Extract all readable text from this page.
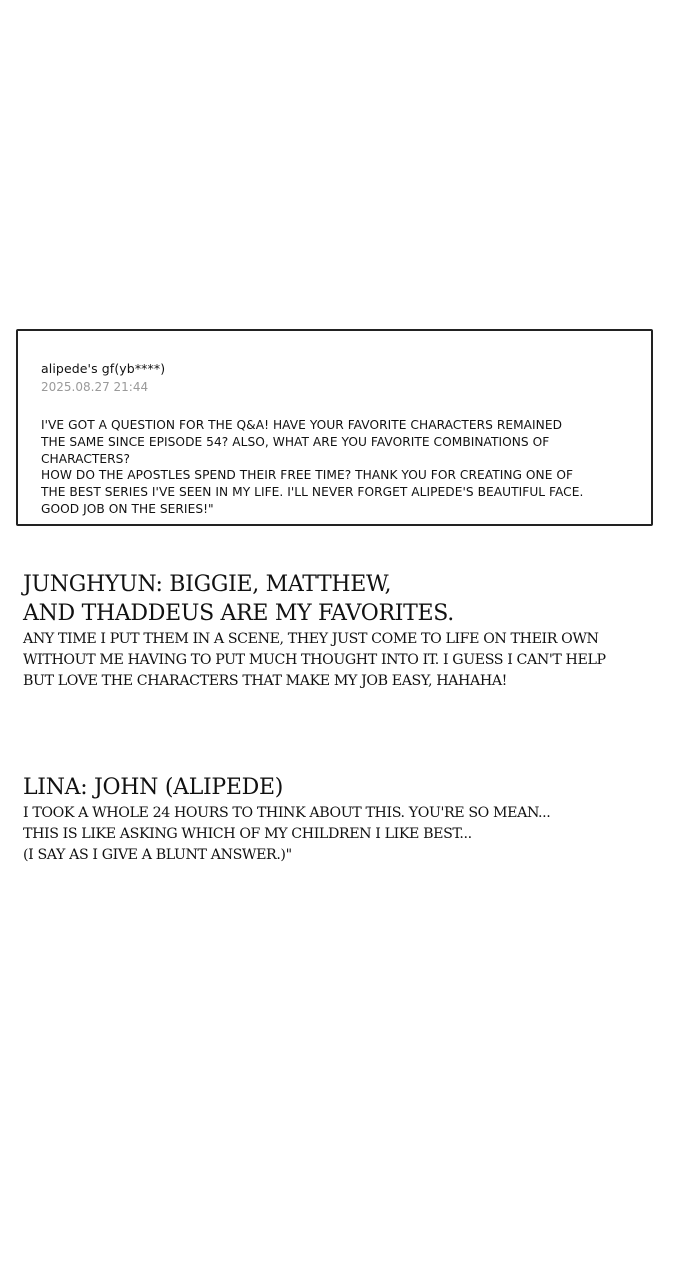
alipede's gf(yb****)
2025.08.27 21:44
I'VE GOT A QUESTION FOR THE Q&A! HAVE YOUR FAVORITE CHARACTERS REMAINED
THE SAME SINCE EPISODE 54? ALSO, WHAT ARE YOU FAVORITE COMBINATIONS OF CHARACTERS?
HOW DO THE APOSTLES SPEND THEIR FREE TIME? THANK YOU FOR CREATING ONE OF
THE BEST SERIES I'VE SEEN IN MY LIFE. I'LL NEVER FORGET ALIPEDE'S BEAUTIFUL FACE.
GOOD JOB ON THE SERIES!"
JUNGHYUN: BIGGIE, MATTHEW,
AND THADDEUS ARE MY FAVORITES.
ANY TIME I PUT THEM IN A SCENE, THEY JUST COME TO LIFE ON THEIR OWN
WITHOUT ME HAVING TO PUT MUCH THOUGHT INTO IT. I GUESS I CAN'T HELP
BUT LOVE THE CHARACTERS THAT MAKE MY JOB EASY, HAHAHA!
LINA: JOHN (ALIPEDE)
I TOOK A WHOLE 24 HOURS TO THINK ABOUT THIS. YOU'RE SO MEAN...
THIS IS LIKE ASKING WHICH OF MY CHILDREN I LIKE BEST...
(I SAY AS I GIVE A BLUNT ANSWER.)"
